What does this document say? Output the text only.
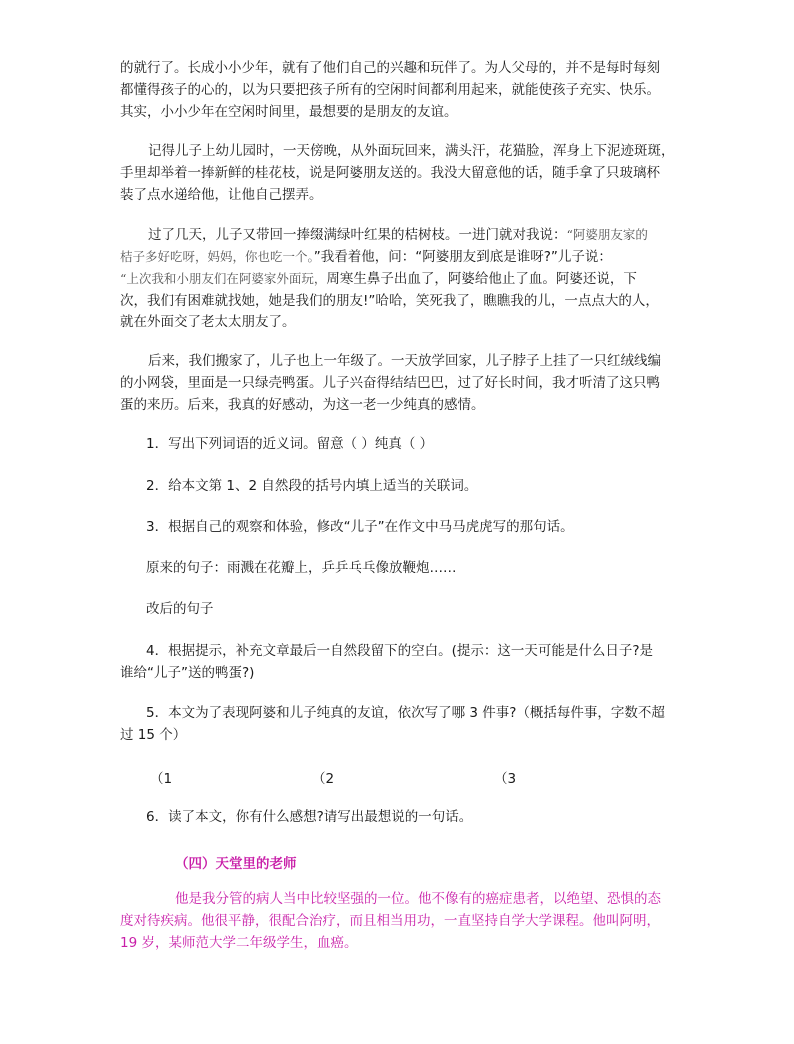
的就行了。长成小小少年，就有了他们自己的兴趣和玩伴了。为人父母的，并不是每时每刻
都懂得孩子的心的，以为只要把孩子所有的空闲时间都利用起来，就能使孩子充实、快乐。
其实，小小少年在空闲时间里，最想要的是朋友的友谊。
记得儿子上幼儿园时，一天傍晚，从外面玩回来，满头汗，花猫脸，浑身上下泥迹斑斑，
手里却举着一捧新鲜的桂花枝，说是阿婆朋友送的。我没大留意他的话，随手拿了只玻璃杯
装了点水递给他，让他自己摆弄。
过了几天，儿子又带回一捧缀满绿叶红果的桔树枝。一进门就对我说：“阿婆朋友家的
桔子多好吃呀，妈妈，你也吃一个。”我看着他，问：“阿婆朋友到底是谁呀?”儿子说：
“上次我和小朋友们在阿婆家外面玩，周寒生鼻子出血了，阿婆给他止了血。阿婆还说，下
次，我们有困难就找她，她是我们的朋友!”哈哈，笑死我了，瞧瞧我的儿，一点点大的人，
就在外面交了老太太朋友了。
后来，我们搬家了，儿子也上一年级了。一天放学回家，儿子脖子上挂了一只红绒线编
的小网袋，里面是一只绿壳鸭蛋。儿子兴奋得结结巴巴，过了好长时间，我才听清了这只鸭
蛋的来历。后来，我真的好感动，为这一老一少纯真的感情。
1．写出下列词语的近义词。留意（ ）纯真（ ）
2．给本文第 1、2 自然段的括号内填上适当的关联词。
3．根据自己的观察和体验，修改“儿子”在作文中马马虎虎写的那句话。
原来的句子：雨溅在花瓣上，乒乒乓乓像放鞭炮……
改后的句子
4．根据提示，补充文章最后一自然段留下的空白。(提示：这一天可能是什么日子?是
谁给“儿子”送的鸭蛋?)
5．本文为了表现阿婆和儿子纯真的友谊，依次写了哪 3 件事?（概括每件事，字数不超
过 15 个）
（1	（2	（3
6．读了本文，你有什么感想?请写出最想说的一句话。
（四）天堂里的老师
他是我分管的病人当中比较坚强的一位。他不像有的癌症患者，以绝望、恐惧的态
度对待疾病。他很平静，很配合治疗，而且相当用功，一直坚持自学大学课程。他叫阿明，
19 岁，某师范大学二年级学生，血癌。
